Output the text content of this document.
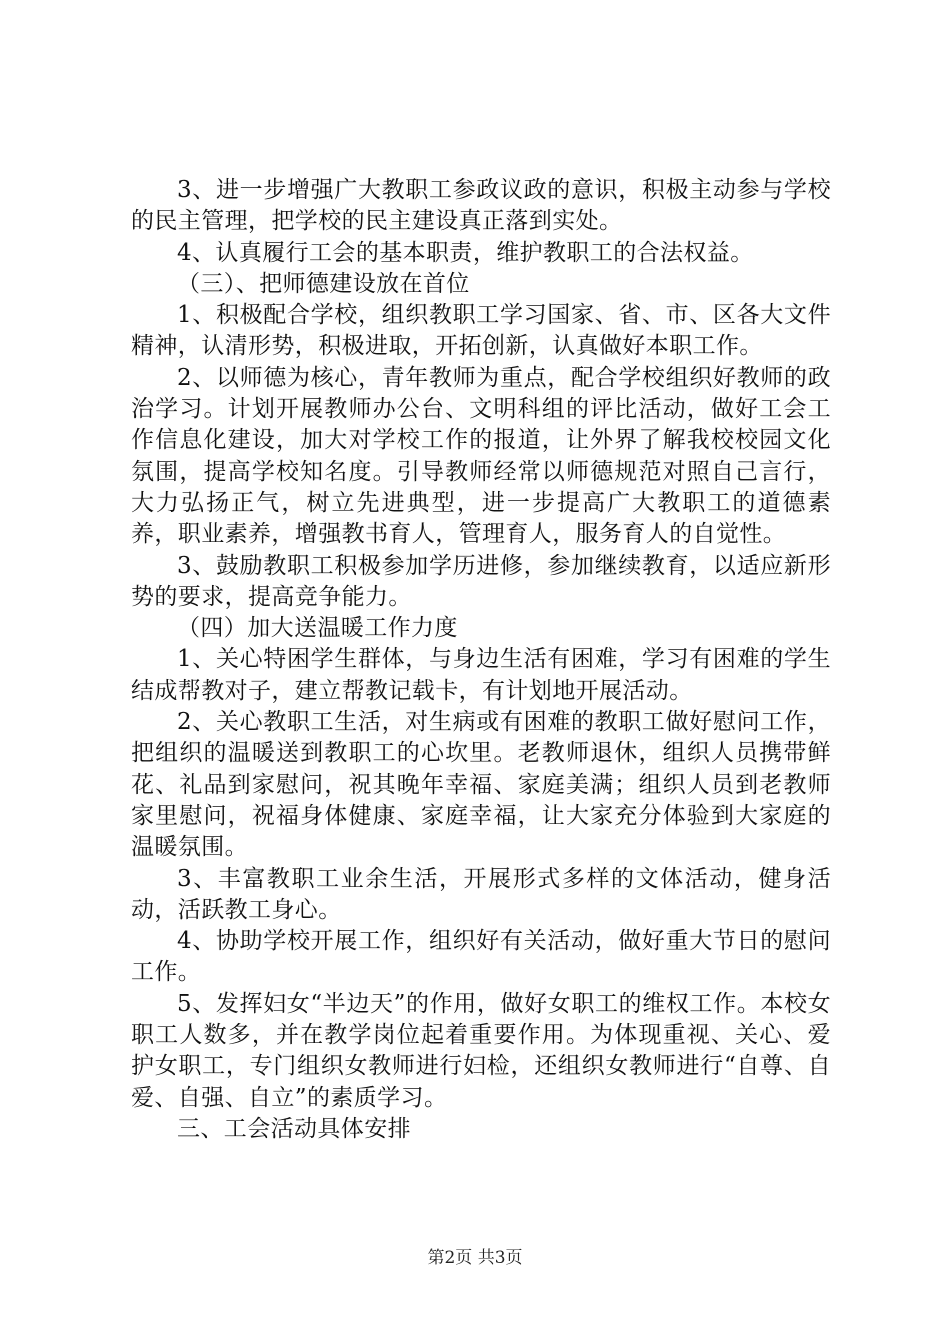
3、进一步增强广大教职工参政议政的意识，积极主动参与学校的民主管理，把学校的民主建设真正落到实处。

4、认真履行工会的基本职责，维护教职工的合法权益。

（三）、把师德建设放在首位

1、积极配合学校，组织教职工学习国家、省、市、区各大文件精神，认清形势，积极进取，开拓创新，认真做好本职工作。

2、以师德为核心，青年教师为重点，配合学校组织好教师的政治学习。计划开展教师办公台、文明科组的评比活动，做好工会工作信息化建设，加大对学校工作的报道，让外界了解我校校园文化氛围，提高学校知名度。引导教师经常以师德规范对照自己言行，大力弘扬正气，树立先进典型，进一步提高广大教职工的道德素养，职业素养，增强教书育人，管理育人，服务育人的自觉性。

3、鼓励教职工积极参加学历进修，参加继续教育，以适应新形势的要求，提高竞争能力。

（四）加大送温暖工作力度

1、关心特困学生群体，与身边生活有困难，学习有困难的学生结成帮教对子，建立帮教记载卡，有计划地开展活动。

2、关心教职工生活，对生病或有困难的教职工做好慰问工作，把组织的温暖送到教职工的心坎里。老教师退休，组织人员携带鲜花、礼品到家慰问，祝其晚年幸福、家庭美满；组织人员到老教师家里慰问，祝福身体健康、家庭幸福，让大家充分体验到大家庭的温暖氛围。

3、丰富教职工业余生活，开展形式多样的文体活动，健身活动，活跃教工身心。

4、协助学校开展工作，组织好有关活动，做好重大节日的慰问工作。

5、发挥妇女“半边天”的作用，做好女职工的维权工作。本校女职工人数多，并在教学岗位起着重要作用。为体现重视、关心、爱护女职工，专门组织女教师进行妇检，还组织女教师进行“自尊、自爱、自强、自立”的素质学习。

三、工会活动具体安排

第2页 共3页
